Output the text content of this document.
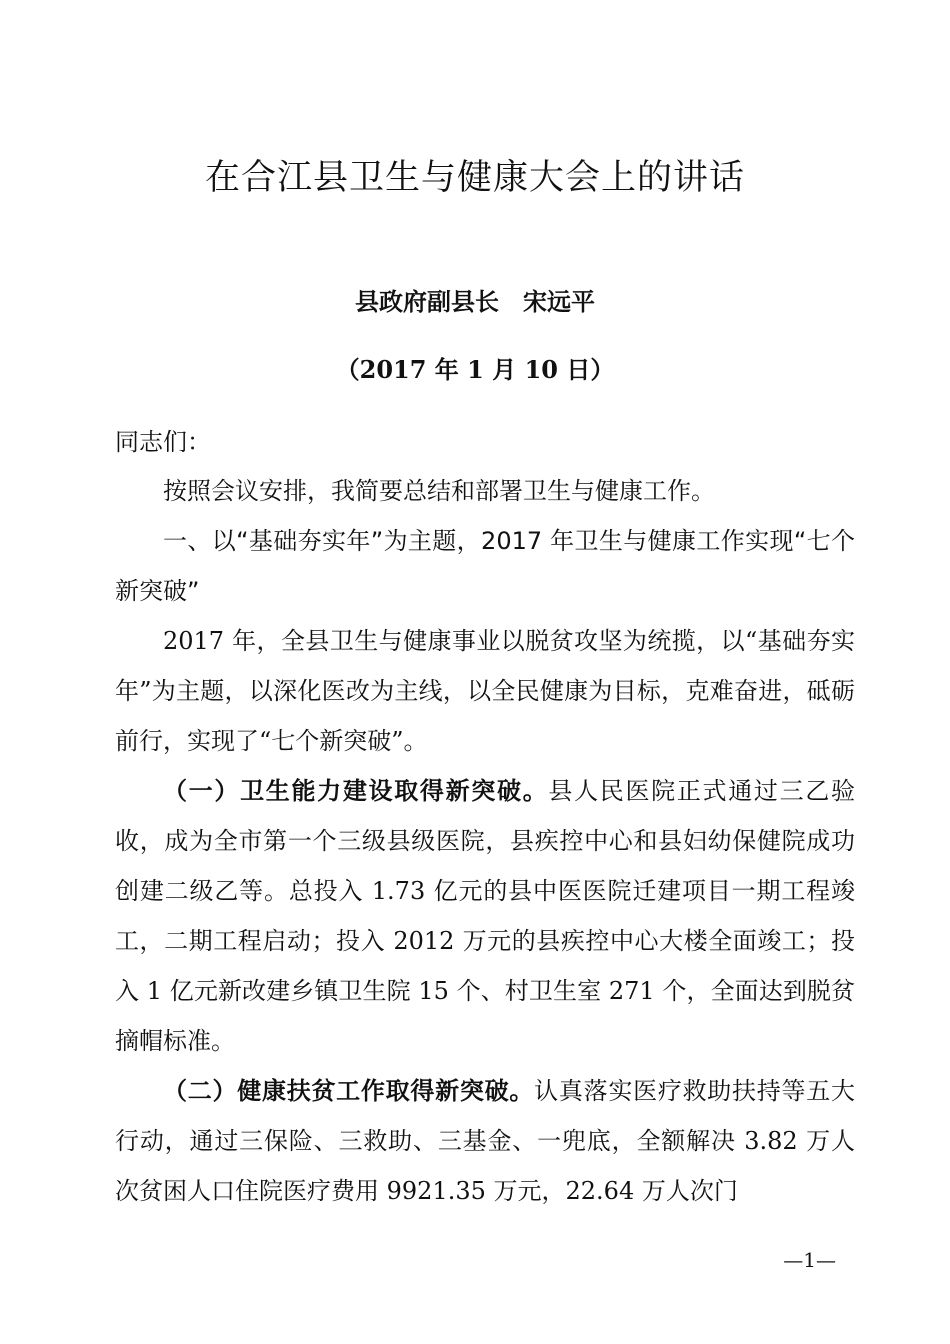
在合江县卫生与健康大会上的讲话
县政府副县长 宋远平
（2017 年 1 月 10 日）
同志们：

按照会议安排，我简要总结和部署卫生与健康工作。

一、以“基础夯实年”为主题，2017 年卫生与健康工作实现“七个新突破”

2017 年，全县卫生与健康事业以脱贫攻坚为统揽，以“基础夯实年”为主题，以深化医改为主线，以全民健康为目标，克难奋进，砥砺前行，实现了“七个新突破”。

（一）卫生能力建设取得新突破。县人民医院正式通过三乙验收，成为全市第一个三级县级医院，县疾控中心和县妇幼保健院成功创建二级乙等。总投入 1.73 亿元的县中医医院迁建项目一期工程竣工，二期工程启动；投入 2012 万元的县疾控中心大楼全面竣工；投入 1 亿元新改建乡镇卫生院 15 个、村卫生室 271 个，全面达到脱贫摘帽标准。

（二）健康扶贫工作取得新突破。认真落实医疗救助扶持等五大行动，通过三保险、三救助、三基金、一兜底，全额解决 3.82 万人次贫困人口住院医疗费用 9921.35 万元，22.64 万人次门

—1—
